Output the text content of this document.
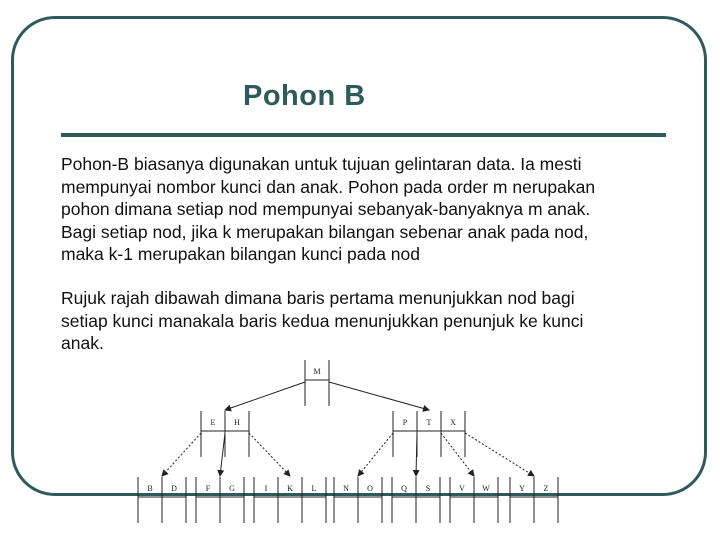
Pohon B
Pohon-B biasanya digunakan untuk tujuan gelintaran data. Ia mesti
mempunyai nombor kunci dan anak. Pohon pada order m nerupakan
pohon dimana setiap nod mempunyai sebanyak-banyaknya m anak.
Bagi setiap nod, jika k merupakan bilangan sebenar anak pada nod,
maka k-1 merupakan bilangan kunci pada nod
Rujuk rajah dibawah dimana baris pertama menunjukkan nod bagi
setiap kunci manakala baris kedua menunjukkan penunjuk ke kunci
anak.
M
E H	P T X
B D	F G	I K L	N O	Q S	V W	Y Z
